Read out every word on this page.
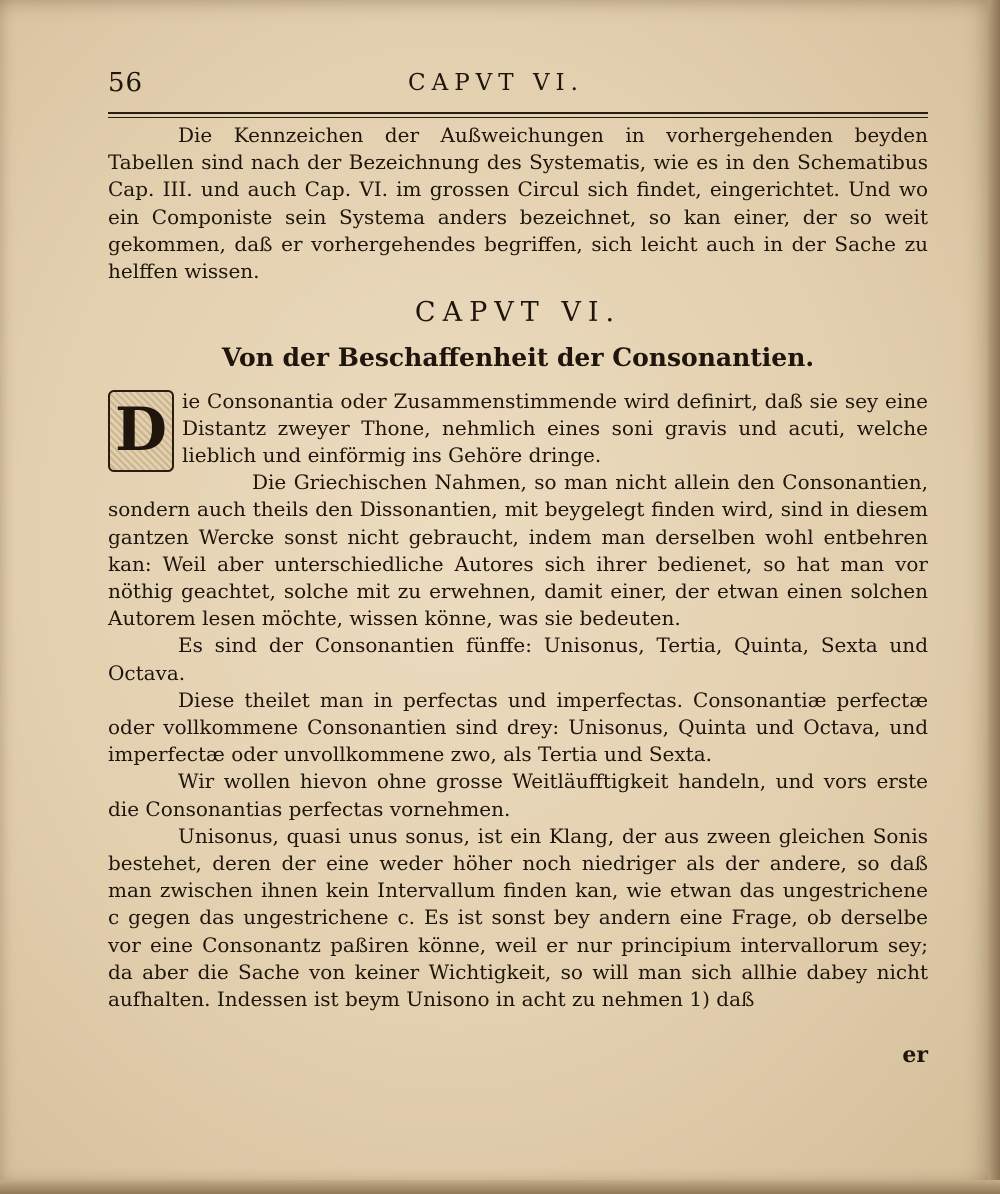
56	CAPVT VI.

Die Kennzeichen der Außweichungen in vorhergehenden beyden Tabellen sind nach der Bezeichnung des Systematis, wie es in den Schematibus Cap. III. und auch Cap. VI. im grossen Circul sich findet, eingerichtet. Und wo ein Componiste sein Systema anders bezeichnet, so kan einer, der so weit gekommen, daß er vorhergehendes begriffen, sich leicht auch in der Sache zu helffen wissen.

CAPVT VI.

Von der Beschaffenheit der Consonantien.

D ie Consonantia oder Zusammenstimmende wird definirt, daß sie sey eine Distantz zweyer Thone, nehmlich eines soni gravis und acuti, welche lieblich und einförmig ins Gehöre dringe.

Die Griechischen Nahmen, so man nicht allein den Consonantien, sondern auch theils den Dissonantien, mit beygelegt finden wird, sind in diesem gantzen Wercke sonst nicht gebraucht, indem man derselben wohl entbehren kan: Weil aber unterschiedliche Autores sich ihrer bedienet, so hat man vor nöthig geachtet, solche mit zu erwehnen, damit einer, der etwan einen solchen Autorem lesen möchte, wissen könne, was sie bedeuten.

Es sind der Consonantien fünffe: Unisonus, Tertia, Quinta, Sexta und Octava.

Diese theilet man in perfectas und imperfectas. Consonantiæ perfectæ oder vollkommene Consonantien sind drey: Unisonus, Quinta und Octava, und imperfectæ oder unvollkommene zwo, als Tertia und Sexta.

Wir wollen hievon ohne grosse Weitläufftigkeit handeln, und vors erste die Consonantias perfectas vornehmen.

Unisonus, quasi unus sonus, ist ein Klang, der aus zween gleichen Sonis bestehet, deren der eine weder höher noch niedriger als der andere, so daß man zwischen ihnen kein Intervallum finden kan, wie etwan das ungestrichene c gegen das ungestrichene c. Es ist sonst bey andern eine Frage, ob derselbe vor eine Consonantz paßiren könne, weil er nur principium intervallorum sey; da aber die Sache von keiner Wichtigkeit, so will man sich allhie dabey nicht aufhalten. Indessen ist beym Unisono in acht zu nehmen 1) daß

er
